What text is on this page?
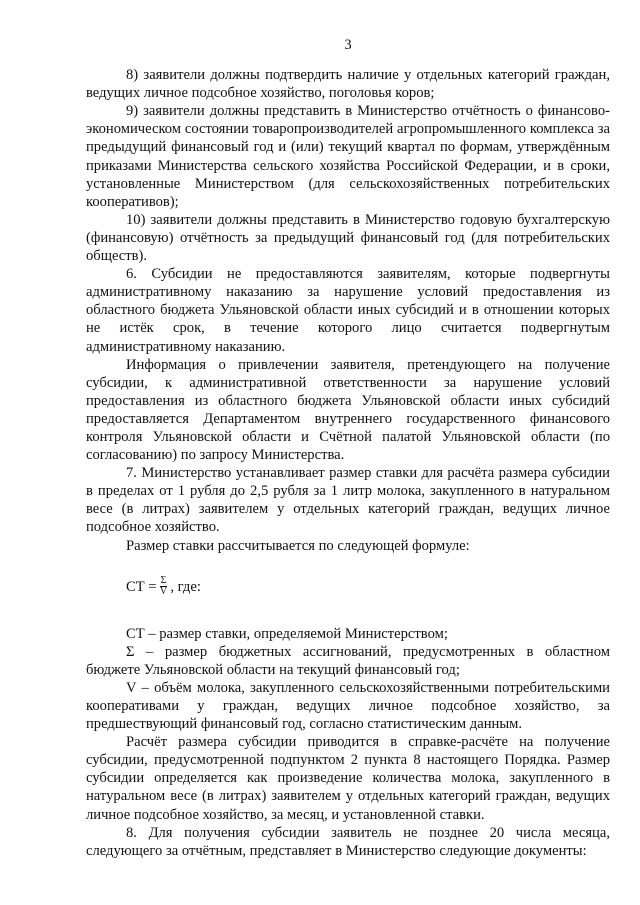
3

8) заявители должны подтвердить наличие у отдельных категорий граждан, ведущих личное подсобное хозяйство, поголовья коров;

9) заявители должны представить в Министерство отчётность о финансово-экономическом состоянии товаропроизводителей агропромышленного комплекса за предыдущий финансовый год и (или) текущий квартал по формам, утверждённым приказами Министерства сельского хозяйства Российской Федерации, и в сроки, установленные Министерством (для сельскохозяйственных потребительских кооперативов);

10) заявители должны представить в Министерство годовую бухгалтерскую (финансовую) отчётность за предыдущий финансовый год (для потребительских обществ).

6. Субсидии не предоставляются заявителям, которые подвергнуты административному наказанию за нарушение условий предоставления из областного бюджета Ульяновской области иных субсидий и в отношении которых не истёк срок, в течение которого лицо считается подвергнутым административному наказанию.

Информация о привлечении заявителя, претендующего на получение субсидии, к административной ответственности за нарушение условий предоставления из областного бюджета Ульяновской области иных субсидий предоставляется Департаментом внутреннего государственного финансового контроля Ульяновской области и Счётной палатой Ульяновской области (по согласованию) по запросу Министерства.

7. Министерство устанавливает размер ставки для расчёта размера субсидии в пределах от 1 рубля до 2,5 рубля за 1 литр молока, закупленного в натуральном весе (в литрах) заявителем у отдельных категорий граждан, ведущих личное подсобное хозяйство.

Размер ставки рассчитывается по следующей формуле:

СТ = $\frac{\Sigma}{V}$ , где:

СТ – размер ставки, определяемой Министерством;

Σ – размер бюджетных ассигнований, предусмотренных в областном бюджете Ульяновской области на текущий финансовый год;

V – объём молока, закупленного сельскохозяйственными потребительскими кооперативами у граждан, ведущих личное подсобное хозяйство, за предшествующий финансовый год, согласно статистическим данным.

Расчёт размера субсидии приводится в справке-расчёте на получение субсидии, предусмотренной подпунктом 2 пункта 8 настоящего Порядка. Размер субсидии определяется как произведение количества молока, закупленного в натуральном весе (в литрах) заявителем у отдельных категорий граждан, ведущих личное подсобное хозяйство, за месяц, и установленной ставки.

8. Для получения субсидии заявитель не позднее 20 числа месяца, следующего за отчётным, представляет в Министерство следующие документы:
